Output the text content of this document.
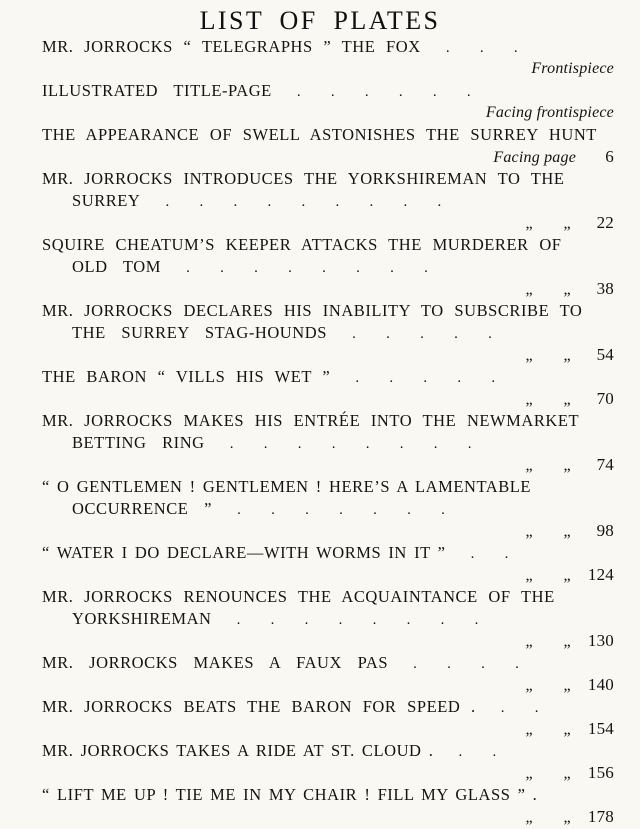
LIST OF PLATES
MR. JORROCKS “ TELEGRAPHS ” THE FOX . . .
Frontispiece
ILLUSTRATED TITLE-PAGE . . . . . .
Facing frontispiece
THE APPEARANCE OF SWELL ASTONISHES THE SURREY HUNT
Facing page 6
MR. JORROCKS INTRODUCES THE YORKSHIREMAN TO THE
SURREY . . . . . . . . .
„ „ 22
SQUIRE CHEATUM’S KEEPER ATTACKS THE MURDERER OF
OLD TOM . . . . . . . .
„ „ 38
MR. JORROCKS DECLARES HIS INABILITY TO SUBSCRIBE TO
THE SURREY STAG-HOUNDS . . . . .
„ „ 54
THE BARON “ VILLS HIS WET ” . . . . .
„ „ 70
MR. JORROCKS MAKES HIS ENTRÉE INTO THE NEWMARKET
BETTING RING . . . . . . . .
„ „ 74
“ O GENTLEMEN ! GENTLEMEN ! HERE’S A LAMENTABLE
OCCURRENCE ” . . . . . . .
„ „ 98
“ WATER I DO DECLARE—WITH WORMS IN IT ” . .
„ „ 124
MR. JORROCKS RENOUNCES THE ACQUAINTANCE OF THE
YORKSHIREMAN . . . . . . . .
„ „ 130
MR. JORROCKS MAKES A FAUX PAS . . . .
„ „ 140
MR. JORROCKS BEATS THE BARON FOR SPEED . . .
„ „ 154
MR. JORROCKS TAKES A RIDE AT ST. CLOUD . . .
„ „ 156
“ LIFT ME UP ! TIE ME IN MY CHAIR ! FILL MY GLASS ” .
„ „ 178
